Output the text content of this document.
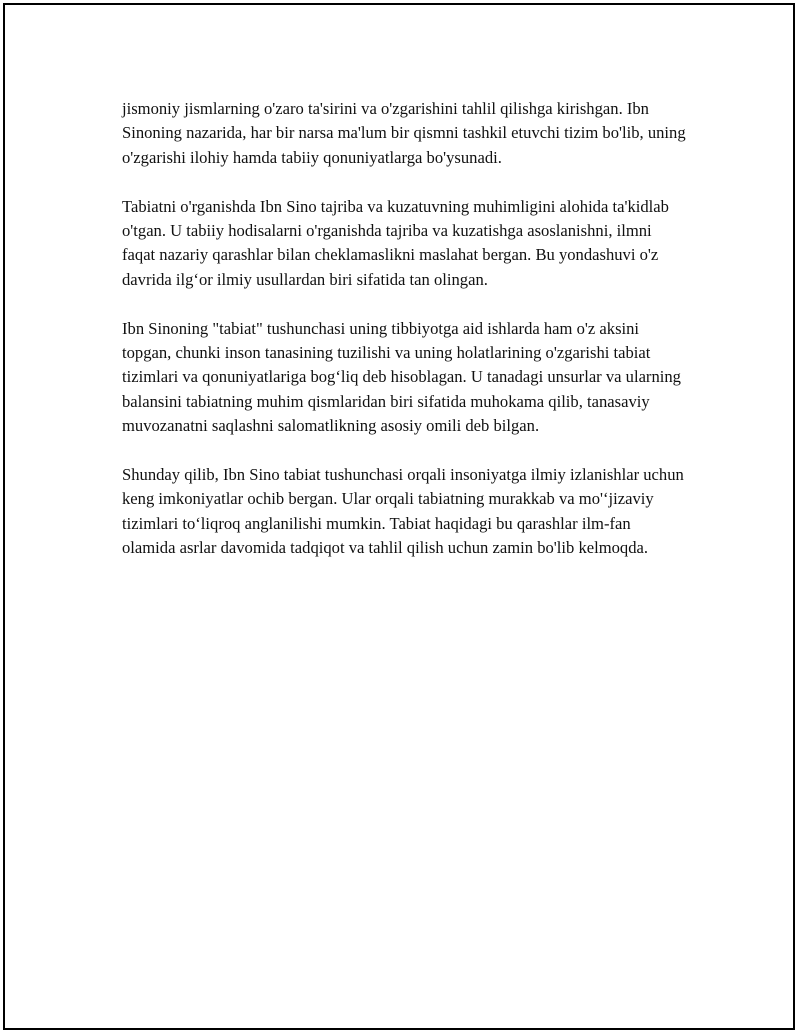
jismoniy jismlarning o'zaro ta'sirini va o'zgarishini tahlil qilishga kirishgan. Ibn Sinoning nazarida, har bir narsa ma'lum bir qismni tashkil etuvchi tizim bo'lib, uning o'zgarishi ilohiy hamda tabiiy qonuniyatlarga bo'ysunadi.

Tabiatni o'rganishda Ibn Sino tajriba va kuzatuvning muhimligini alohida ta'kidlab o'tgan. U tabiiy hodisalarni o'rganishda tajriba va kuzatishga asoslanishni, ilmni faqat nazariy qarashlar bilan cheklamaslikni maslahat bergan. Bu yondashuvi o'z davrida ilg‘or ilmiy usullardan biri sifatida tan olingan.

Ibn Sinoning "tabiat" tushunchasi uning tibbiyotga aid ishlarda ham o'z aksini topgan, chunki inson tanasining tuzilishi va uning holatlarining o'zgarishi tabiat tizimlari va qonuniyatlariga bog‘liq deb hisoblagan. U tanadagi unsurlar va ularning balansini tabiatning muhim qismlaridan biri sifatida muhokama qilib, tanasaviy muvozanatni saqlashni salomatlikning asosiy omili deb bilgan.

Shunday qilib, Ibn Sino tabiat tushunchasi orqali insoniyatga ilmiy izlanishlar uchun keng imkoniyatlar ochib bergan. Ular orqali tabiatning murakkab va mo'‘jizaviy tizimlari to‘liqroq anglanilishi mumkin. Tabiat haqidagi bu qarashlar ilm-fan olamida asrlar davomida tadqiqot va tahlil qilish uchun zamin bo'lib kelmoqda.
